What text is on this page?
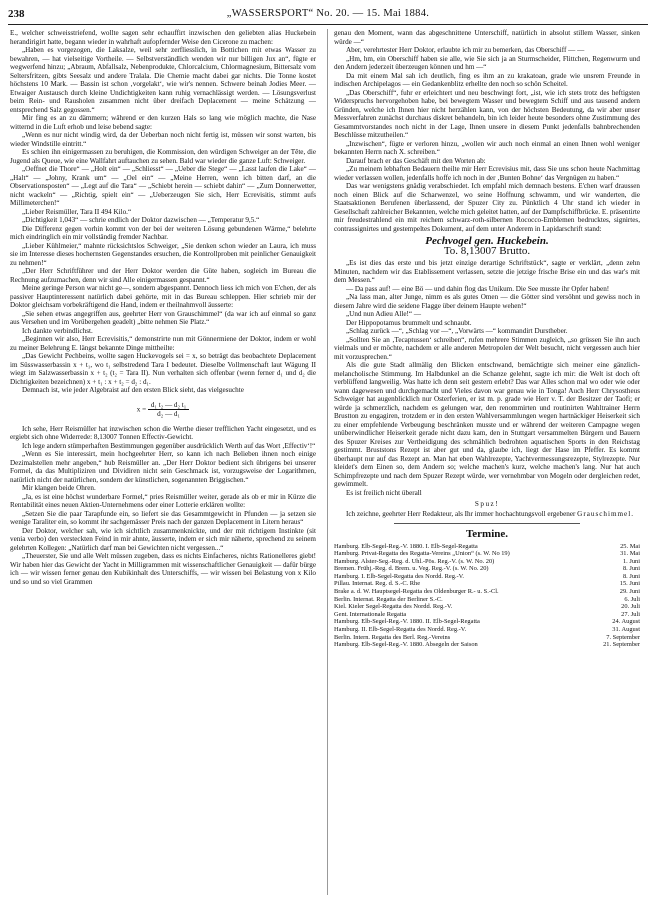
238	„WASSERSPORT“ No. 20. — 15. Mai 1884.

E., welcher schweisstriefend, wollte sagen sehr echauffirt inzwischen den geliebten alias Huckebein herandirigirt hatte, begann wieder in wahrhaft aufopfernder Weise den Cicerone zu machen:

„Haben es vorgezogen, die Laksalze, weil sehr zerfliesslich, in Bottichen mit etwas Wasser zu bewahren, — hat vielseitige Vortheile. — Selbstverständlich wenden wir nur billigen Jux an“, fügte er wegwerfend hinzu; „Abraum, Abfallsalz, Nebenprodukte, Chlorcalcium, Chlormagnesium, Bittersalz vom Seltersfritzen, gibts Seesalz und andere Tralala. Die Chemie macht dabei gar nichts. Die Tonne kostet höchstens 10 Mark. — Bassin ist schon ‚vorgelakt‘, wie wir's nennen. Schwere beinah Jodies Meer. — Etwaiger Austausch durch kleine Undichtigkeiten kann ruhig vernachlässigt werden. — Lösungsverlust beim Rein- und Rausholen zusammen nicht über dreifach Deplacement — meine Schätzung — entsprechend Salz gegossen.“

Mir fing es an zu dämmern; während er den kurzen Hals so lang wie möglich machte, die Nase witternd in die Luft erhob und leise bebend sagte:

„Wenn es nur nicht windig wird, da der Ueberban noch nicht fertig ist, müssen wir sonst warten, bis wieder Windstille eintritt.“

Es schien ihn einigermassen zu beruhigen, die Kommission, den würdigen Schweiger an der Tête, die Jugend als Queue, wie eine Wallfahrt auftauchen zu sehen. Bald war wieder die ganze Luft: Schweiger.

„Oeffnet die Thore“ — „Holt ein“ — „Schliesst“ — „Ueber die Stege“ — „Lasst laufen die Lake“ — „Halt“ — „Johny, Krank um“ — „Oel ein“ — „Meine Herren, wenn ich bitten darf, an die Observationsposten“ — „Legt auf die Tara“ — „Schiebt herein — schiebt dahin“ — „Zum Donnerwetter, nicht wackeln“ — „Richtig, spielt ein“ — „Ueberzeugen Sie sich, Herr Ecrevisitis, stimmt aufs Millimeterchen!“

„Lieber Reismüller, Tara II 494 Kilo.“

„Dichtigkeit 1,043“ — schrie endlich der Doktor dazwischen — „Temperatur 9,5.“

Die Differenz gegen vorhin kommt von der bei der weiteren Lösung gebundenen Wärme,“ belehrte mich eindringlich ein mir vollständig fremder Nachbar.

„Lieber Kühlmeier,“ mahnte rücksichtslos Schweiger, „Sie denken schon wieder an Laura, ich muss sie im Interesse dieses hochernsten Gegenstandes ersuchen, die Kontrollproben mit peinlicher Genauigkeit zu nehmen!“

„Der Herr Schriftführer und der Herr Doktor werden die Güte haben, sogleich im Bureau die Rechnung aufzumachen, denn wir sind Alle einigermassen gespannt.“

Meine geringe Person war nicht ge—, sondern abgespannt. Dennoch liess ich mich von E'chen, der als passiver Hauptinteressent natürlich dabei gehörte, mit in das Bureau schleppen. Hier schrieb mir der Doktor gleichsam vorbekräftigend die Hand, indem er theilnahmvoll äusserte:

„Sie sehen etwas angegriffen aus, geehrter Herr von Grauschimmel“ (da war ich auf einmal so ganz aus Versehen und im Vorübergehen geadelt) „bitte nehmen Sie Platz.“

Ich dankte verbindlichst.

„Beginnen wir also, Herr Ecrevisitis,“ demonstrirte nun mit Gönnermiene der Doktor, indem er wohl zu meiner Belehrung E. längst bekannte Dinge mittheilte:

„Das Gewicht Pechbeins, wollte sagen Huckevogels sei = x, so beträgt das beobachtete Deplacement im Süsswasserbassin x + t₁, wo t₁ selbstredend Tara I bedeutet. Dieselbe Vollmenschaft laut Wägung II wiegt im Salzwasserbassin x + t₂ (t₂ = Tara II). Nun verhalten sich offenbar (wenn ferner d₁ und d₂ die Dichtigkeiten bezeichnen) x + t₁ : x + t₂ = d₂ : d₁.

Demnach ist, wie jeder Algebraist auf den ersten Blick sieht, das vielgesuchte

$x = \frac{\text{d₁ t₂ — d₂ t₁}}{\text{d₂ — d₁}}$

Ich sehe, Herr Reismüller hat inzwischen schon die Werthe dieser trefflichen Yacht eingesetzt, und es ergiebt sich ohne Widerrede: 8,13007 Tonnen Effectiv-Gewicht.

Ich lege andern stümperhaften Bestimmungen gegenüber ausdrücklich Werth auf das Wort ‚Effectiv‘!“

„Wenn es Sie interessirt, mein hochgeehrter Herr, so kann ich nach Belieben ihnen noch einige Dezimalstellen mehr angeben,“ hub Reismüller an. „Der Herr Doktor bedient sich übrigens bei unserer Formel, da das Multipliziren und Dividiren nicht sein Geschmack ist, vorzugsweise der Logarithmen, natürlich nicht der natürlichen, sondern der künstlichen, sogenannten Briggischen.“

Mir klangen beide Ohren.

„Ja, es ist eine höchst wunderbare Formel,“ pries Reismüller weiter, gerade als ob er mir in Kürze die Rentabilität eines neuen Aktien-Unternehmens oder einer Lotterie erklären wollte:

„Setzen Sie die paar Tarapfunde ein, so liefert sie das Gesammtgewicht in Pfunden — ja setzen sie wenige Taraliter ein, so kommt ihr sachgemässer Preis nach der ganzen Deplacement in Litern heraus“

Der Doktor, welcher sah, wie ich sichtlich zusammenknickte, und der mit richtigem Instinkte (sit venia verbo) den versteckten Feind in mir ahnte, äusserte, indem er sich mir näherte, sprechend zu seinem gelehrten Kollegen: „Natürlich darf man bei Gewichten nicht vergessen...“

„Theuerster, Sie und alle Welt müssen zugeben, dass es nichts Einfacheres, nichts Rationelleres giebt! Wir haben hier das Gewicht der Yacht in Milligrammen mit wissenschaftlicher Genauigkeit — dafür bürge ich — wir wissen ferner genau den Kubikinhalt des Unterschiffs, — wir wissen bei Belastung von x Kilo und so und so viel Grammen

genau den Moment, wann das abgeschnittene Unterschiff, natürlich in absolut stillem Wasser, sinken würde —“

Aber, verehrtester Herr Doktor, erlaubte ich mir zu bemerken, das Oberschiff — —

„Hm, hm, ein Oberschiff haben sie alle, wie Sie sich ja an Sturmscheider, Flittchen, Regenwurm und den Andern jederzeit überzeugen können und hm —“

Da mit einem Mal sah ich deutlich, fing es ihm an zu krakatoan, grade wie unsrem Freunde in indischen Archipelagos — ein Gedankenblitz erhellte den noch so schön Scheitel.

„Das Oberschiff“, fuhr er erleichtert und neu beschwingt fort, „ist, wie ich stets trotz des heftigsten Widerspruchs hervorgehoben habe, bei bewegtem Wasser und bewegtem Schiff und aus tausend andern Gründen, welche ich Ihnen hier nicht herzählen kann, von der höchsten Bedeutung, da wir aber unser Messverfahren zunächst durchaus diskret behandeln, bin ich leider heute besonders ohne Zustimmung des Gesammtvorstandes noch nicht in der Lage, Ihnen unsere in diesem Punkt jedenfalls bahnbrechenden Beschlüsse mitzutheilen.“

„Inzwischen“, fügte er verloren hinzu, „wollen wir auch noch einmal an einen Ihnen wohl weniger bekannten Herrn nach X. schreiben.“

Darauf brach er das Geschäft mit den Worten ab:

„Zu meinem lebhaften Bedauern theilte mir Herr Ecrevisius mit, dass Sie uns schon heute Nachmittag wieder verlassen wollen, jedenfalls hoffe ich noch in der ‚Bunten Bohne‘ das Vergnügen zu haben.“

Das war wenigstens gnädig verabschiedet. Ich empfahl mich demnach bestens. E'chen warf draussen noch einen Blick auf die Scharwenzel, wo seine Hoffnung schwamm, und wir wanderten, die Staatsaktionen Berufenen überlassend, der Spuzer City zu. Pünktlich 4 Uhr stand ich wieder in Gesellschaft zahlreicher Bekannten, welche mich geleitet hatten, auf der Dampfschiffbrücke. E. präsentirte mir freudestrahlend ein mit reichem schwarz-roth-silbernen Rococco-Emblemen bedrucktes, signirtes, contrassignirtes und gestempeltes Dokument, auf dem unter Anderem in Lapidarschrift stand:

Pechvogel gen. Huckebein.
To. 8,13007 Brutto.

„Es ist dies das erste und bis jetzt einzige derartige Schriftstück“, sagte er verklärt, „denn zehn Minuten, nachdem wir das Etablissement verlassen, setzte die jetzige frische Brise ein und das war's mit dem Messen.“

— Da pass auf! — eine Bö — und dahin flog das Unikum. Die See musste ihr Opfer haben!

„Na lass man, alter Junge, nimm es als gutes Omen — die Götter sind versöhnt und gewiss noch in diesem Jahre wird die seidene Flagge über deinem Haupte wehen!“

„Und nun Adieu Alle!“ —

Der Hippopotamus brummelt und schnaubt.

„Schlag zurück —“, „Schlag vor —“, „Vorwärts —“ kommandirt Durstheber.

„Sollten Sie an ‚Tecaptussen‘ schreiben“, rufen mehrere Stimmen zugleich, „so grüssen Sie ihn auch vielmals und er möchte, nachdem er alle anderen Metropolen der Welt besucht, nicht vergessen auch hier mit vorzusprechen.“

Als die gute Stadt allmälig den Blicken entschwand, bemächtigte sich meiner eine gänzlich-melancholische Stimmung. Im Halbdunkel an die Schanze gelehnt, sagte ich mir: die Welt ist doch oft verblüffend langweilig. Was hatte ich denn seit gestern erlebt? Das war Alles schon mal wo oder wie oder wann dagewesen und durchgemacht und Vieles davon war genau wie in Tonga! Auch Herr Chrysostheus Schweiger hat augenblicklich nur Osterferien, er ist m. p. grade wie Herr v. T. der Besitzer der Taofi; er würde ja schmerzlich, nachdem es gelungen war, den renommirten und routinirten Wahltrainer Herrn Brustton zu engagiren, trotzdem er in den ersten Wahlversammlungen wegen hartnäckiger Heiserkeit sich zu einer empfehlende Verbeugung beschränken musste und er während der weiteren Campagne wegen unüberwindlicher Heiserkeit gerade nicht dazu kam, den in Stuttgart versammelten Bürgern und Bauern des Spuzer Kreises zur Vertheidigung des schmählich bedrohten aquatischen Sports in den Reichstag gestimmt. Bruststons Rezept ist aber gut und da, glaube ich, liegt der Hase im Pfeffer. Es kommt überhaupt nur auf das Rezept an. Man hat eben Wahlrezepte, Yachtvermessungsrezepte, Stylrezepte. Nur kleidet's dem Einen so, dem Andern so; welche machen's kurz, welche machen's lang. Nur hat auch Schimpfrezepte und nach dem Spuzer Rezept würde, wer vernehmbar von Mogeln oder dergleichen redet, gewimmelt.

Es ist freilich nicht überall

Spuz!

Ich zeichne, geehrter Herr Redakteur, als Ihr immer hochachtungsvoll ergebener Grauschimmel.

Termine.
Hamburg. Elb-Segel-Reg.-V. 1880. I. Elb-Segel-Regatta	25. Mai
Hamburg. Privat-Regatta des Regatta-Vereins „Union“ (s. W. No 19)	31. Mai
Hamburg. Alster-Seg.-Reg. d. Uhl.-Pös. Reg.-V. (s. W. No. 20)	1. Juni
Bremen. Frühj.-Reg. d. Brem. u. Veg. Reg.-V. (s. W. No. 20)	8. Juni
Hamburg. I. Elb-Segel-Regatta des Nordd. Reg.-V.	8. Juni
Pillau. Internat. Reg. d. S.-C. Rhe	15. Juni
Brake a. d. W. Hauptsegel-Regatta des Oldenburger R.- u. S.-Cl.	29. Juni
Berlin. Internat. Regatta der Berliner S.-C.	6. Juli
Kiel. Kieler Segel-Regatta des Nordd. Reg.-V.	20. Juli
Gent. Internationale Regatta	27. Juli
Hamburg. Elb-Segel-Reg.-V. 1880. II. Elb-Segel-Regatta	24. August
Hamburg. II. Elb-Segel-Regatta des Nordd. Reg.-V.	31. August
Berlin. Intern. Regatta des Berl. Reg.-Vereins	7. September
Hamburg. Elb-Segel-Reg.-V. 1880. Absegeln der Saison	21. September
